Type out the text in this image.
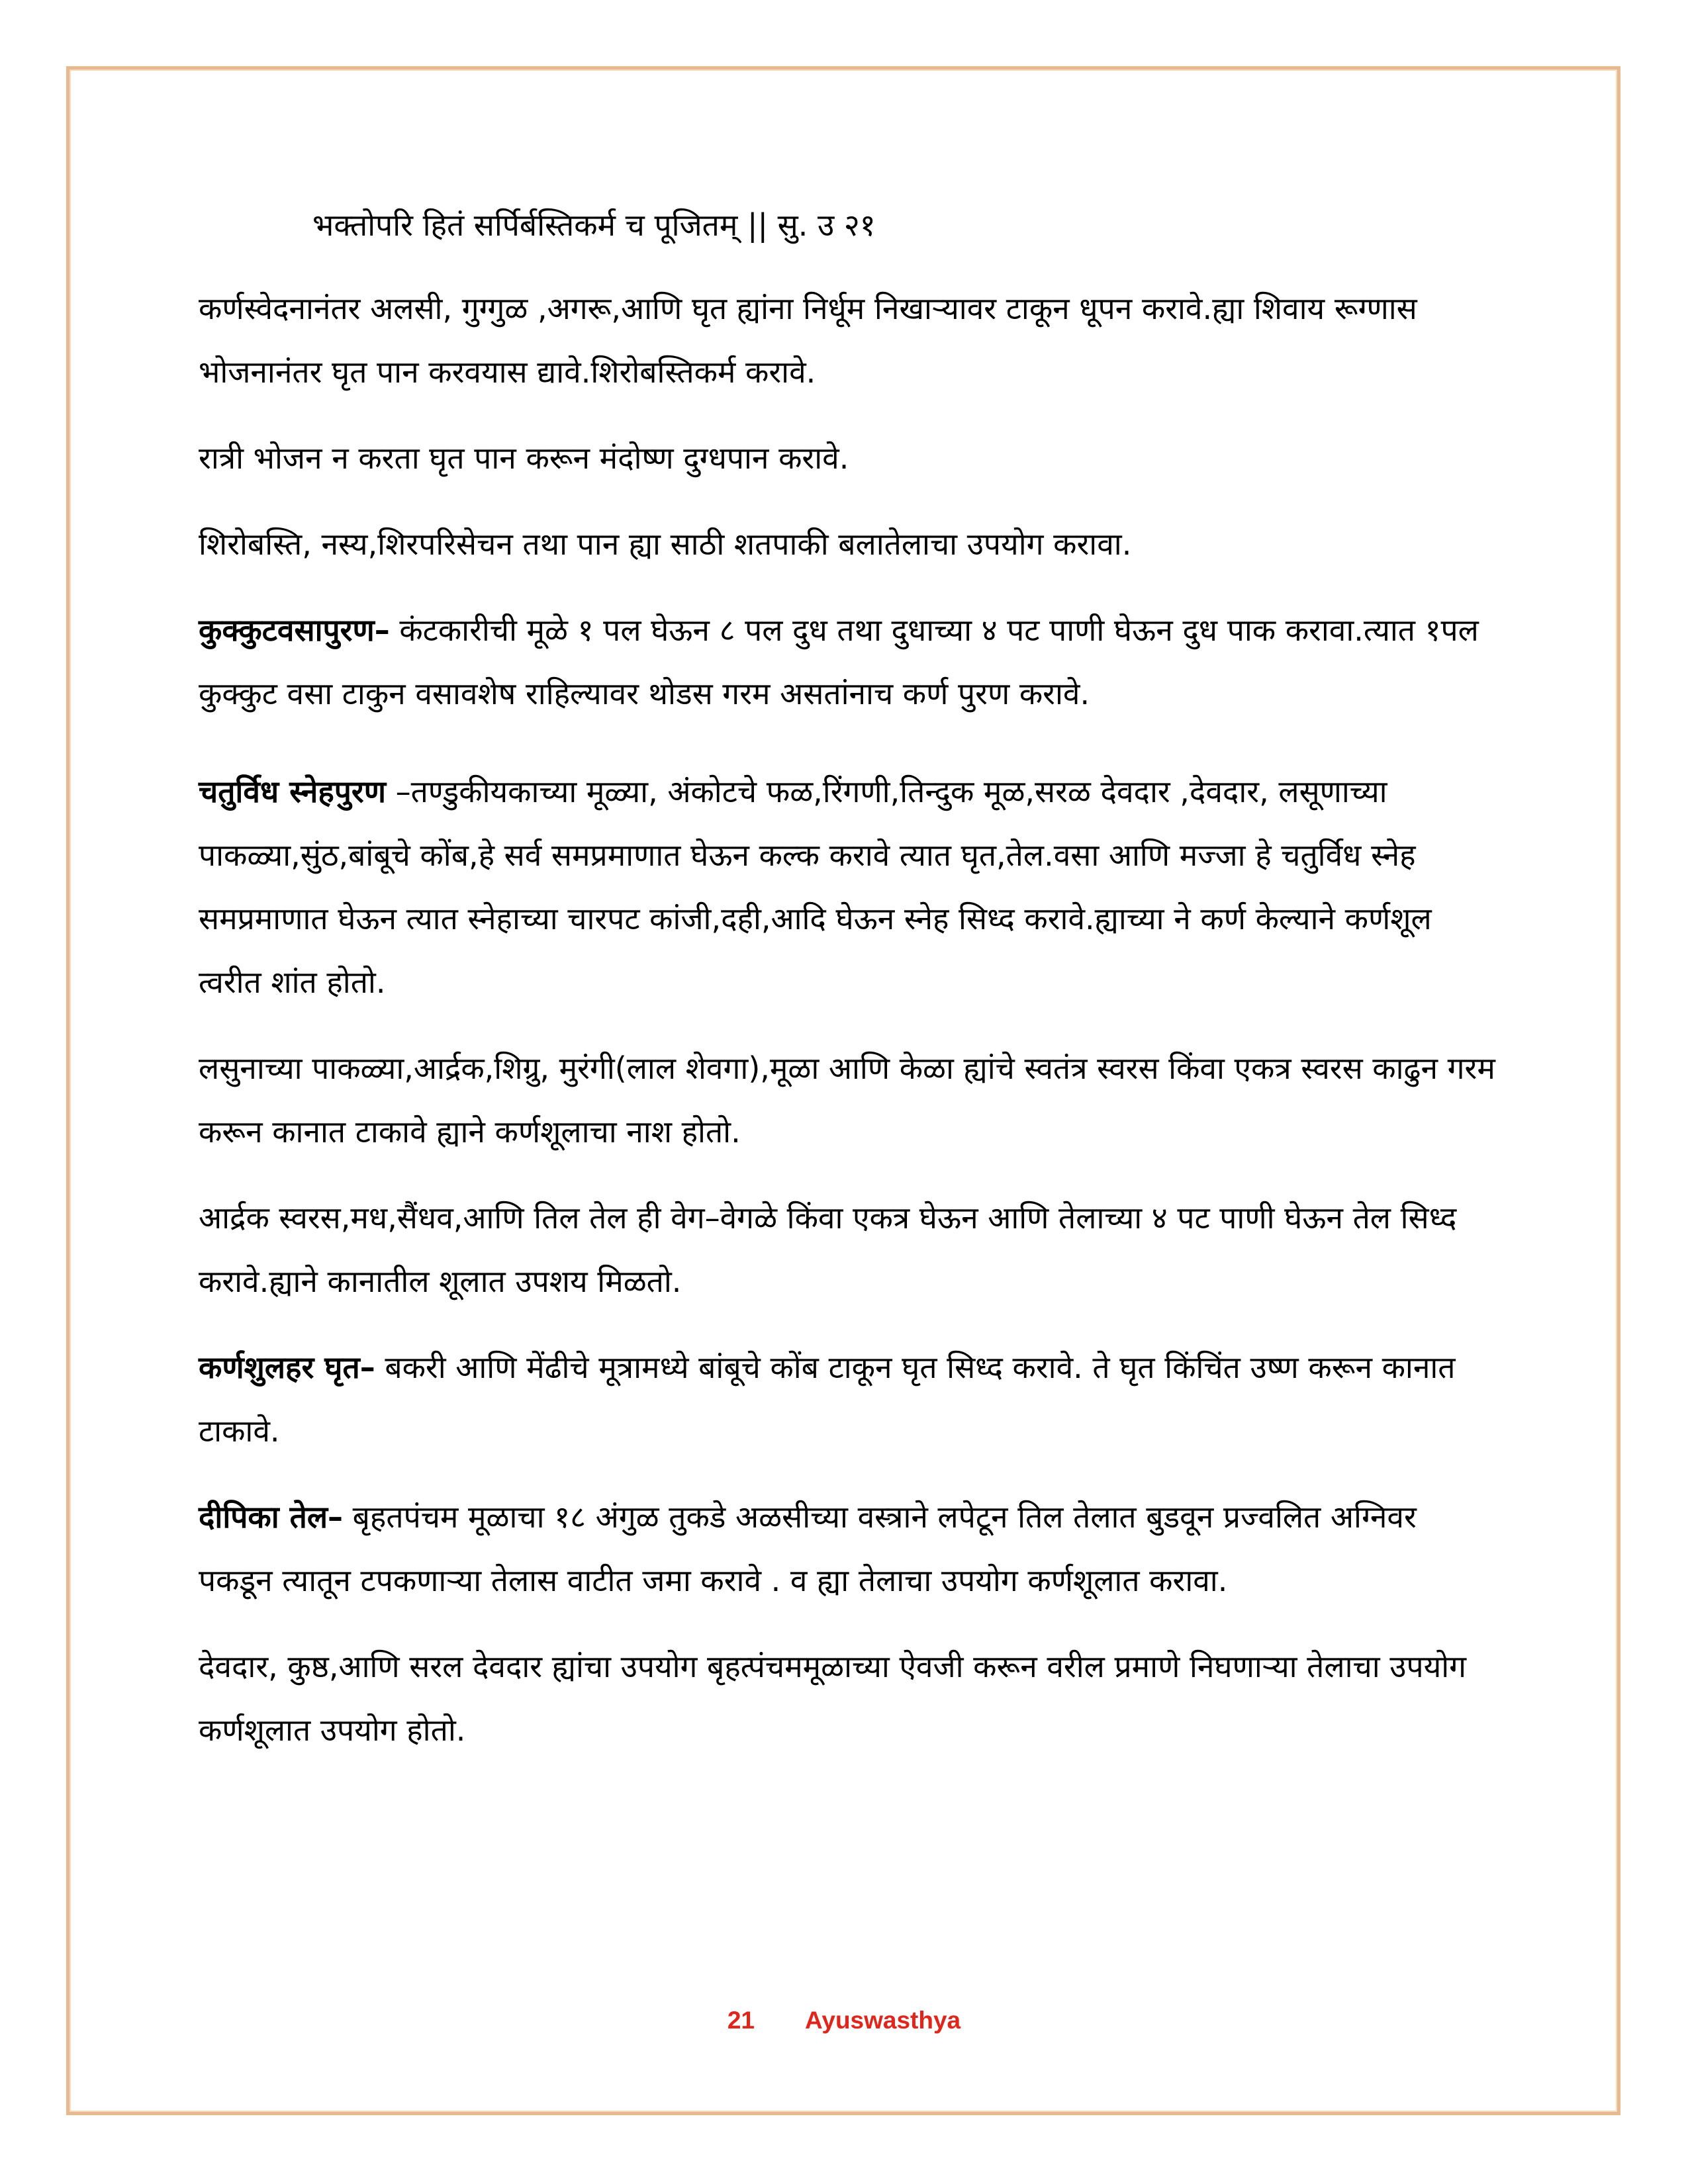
भक्तोपरि हितं सर्पिर्बस्तिकर्म च पूजितम् || सु. उ २१

कर्णस्वेदनानंतर अलसी, गुग्गुळ ,अगरू,आणि घृत ह्यांना निर्धूम निखाऱ्यावर टाकून धूपन करावे.ह्या शिवाय रूग्णास भोजनानंतर घृत पान करवयास द्यावे.शिरोबस्तिकर्म करावे.

रात्री भोजन न करता घृत पान करून मंदोष्ण दुग्धपान करावे.

शिरोबस्ति, नस्य,शिरपरिसेचन तथा पान ह्या साठी शतपाकी बलातेलाचा उपयोग करावा.

कुक्कुटवसापुरण– कंटकारीची मूळे १ पल घेऊन ८ पल दुध तथा दुधाच्या ४ पट पाणी घेऊन दुध पाक करावा.त्यात १पल कुक्कुट वसा टाकुन वसावशेष राहिल्यावर थोडस गरम असतांनाच कर्ण पुरण करावे.

चतुर्विध स्नेहपुरण –तण्डुकीयकाच्या मूळ्या, अंकोटचे फळ,रिंगणी,तिन्दुक मूळ,सरळ देवदार ,देवदार, लसूणाच्या पाकळ्या,सुंठ,बांबूचे कोंब,हे सर्व समप्रमाणात घेऊन कल्क करावे त्यात घृत,तेल.वसा आणि मज्जा हे चतुर्विध स्नेह समप्रमाणात घेऊन त्यात स्नेहाच्या चारपट कांजी,दही,आदि घेऊन स्नेह सिध्द करावे.ह्याच्या ने कर्ण केल्याने कर्णशूल त्वरीत शांत होतो.

लसुनाच्या पाकळ्या,आर्द्रक,शिग्रु, मुरंगी(लाल शेवगा),मूळा आणि केळा ह्यांचे स्वतंत्र स्वरस किंवा एकत्र स्वरस काढुन गरम करून कानात टाकावे ह्याने कर्णशूलाचा नाश होतो.

आर्द्रक स्वरस,मध,सैंधव,आणि तिल तेल ही वेग–वेगळे किंवा एकत्र घेऊन आणि तेलाच्या ४ पट पाणी घेऊन तेल सिध्द करावे.ह्याने कानातील शूलात उपशय मिळतो.

कर्णशुलहर घृत– बकरी आणि मेंढीचे मूत्रामध्ये बांबूचे कोंब टाकून घृत सिध्द करावे. ते घृत किंचिंत उष्ण करून कानात टाकावे.

दीपिका तेल– बृहतपंचम मूळाचा १८ अंगुळ तुकडे अळसीच्या वस्त्राने लपेटून तिल तेलात बुडवून प्रज्वलित अग्निवर पकडून त्यातून टपकणाऱ्या तेलास वाटीत जमा करावे . व ह्या तेलाचा उपयोग कर्णशूलात करावा.

देवदार, कुष्ठ,आणि सरल देवदार ह्यांचा उपयोग बृहत्पंचममूळाच्या ऐवजी करून वरील प्रमाणे निघणाऱ्या तेलाचा उपयोग कर्णशूलात उपयोग होतो.

21 Ayuswasthya
